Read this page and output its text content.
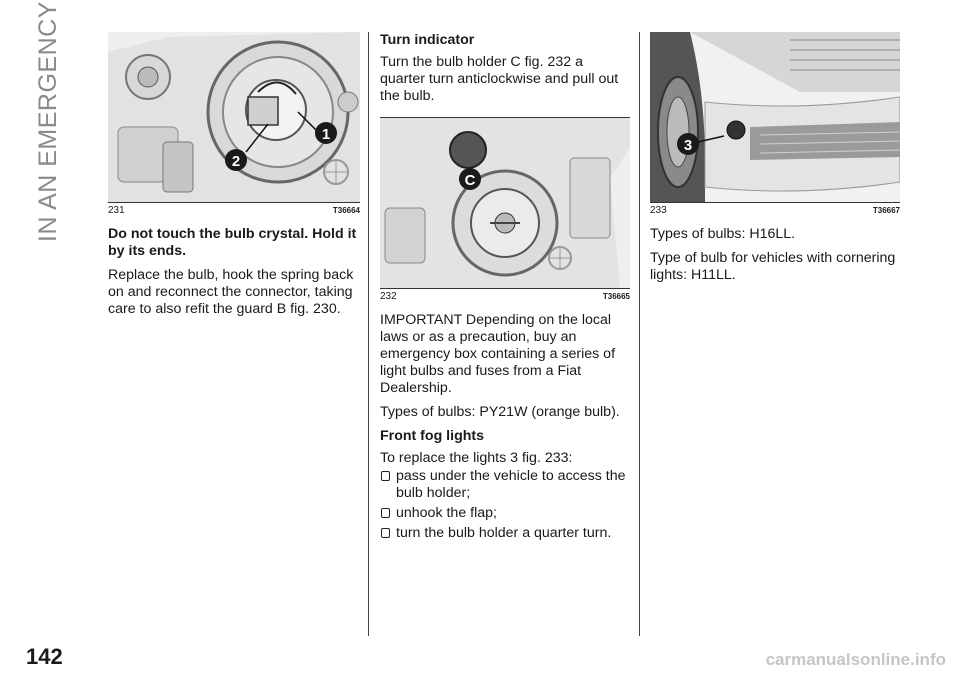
IN AN EMERGENCY	1
2
231	T36664

Do not touch the bulb crystal. Hold it by its ends.

Replace the bulb, hook the spring back on and reconnect the connector, taking care to also refit the guard B fig. 230.

Turn indicator

Turn the bulb holder C fig. 232 a quarter turn anticlockwise and pull out the bulb.

C
232	T36665

IMPORTANT Depending on the local laws or as a precaution, buy an emergency box containing a series of light bulbs and fuses from a Fiat Dealership.

Types of bulbs: PY21W (orange bulb).

Front fog lights

To replace the lights 3 fig. 233:

pass under the vehicle to access the bulb holder;
unhook the flap;
turn the bulb holder a quarter turn.
3
233	T36667

Types of bulbs: H16LL.

Type of bulb for vehicles with cornering lights: H11LL.

142	carmanualsonline.info
